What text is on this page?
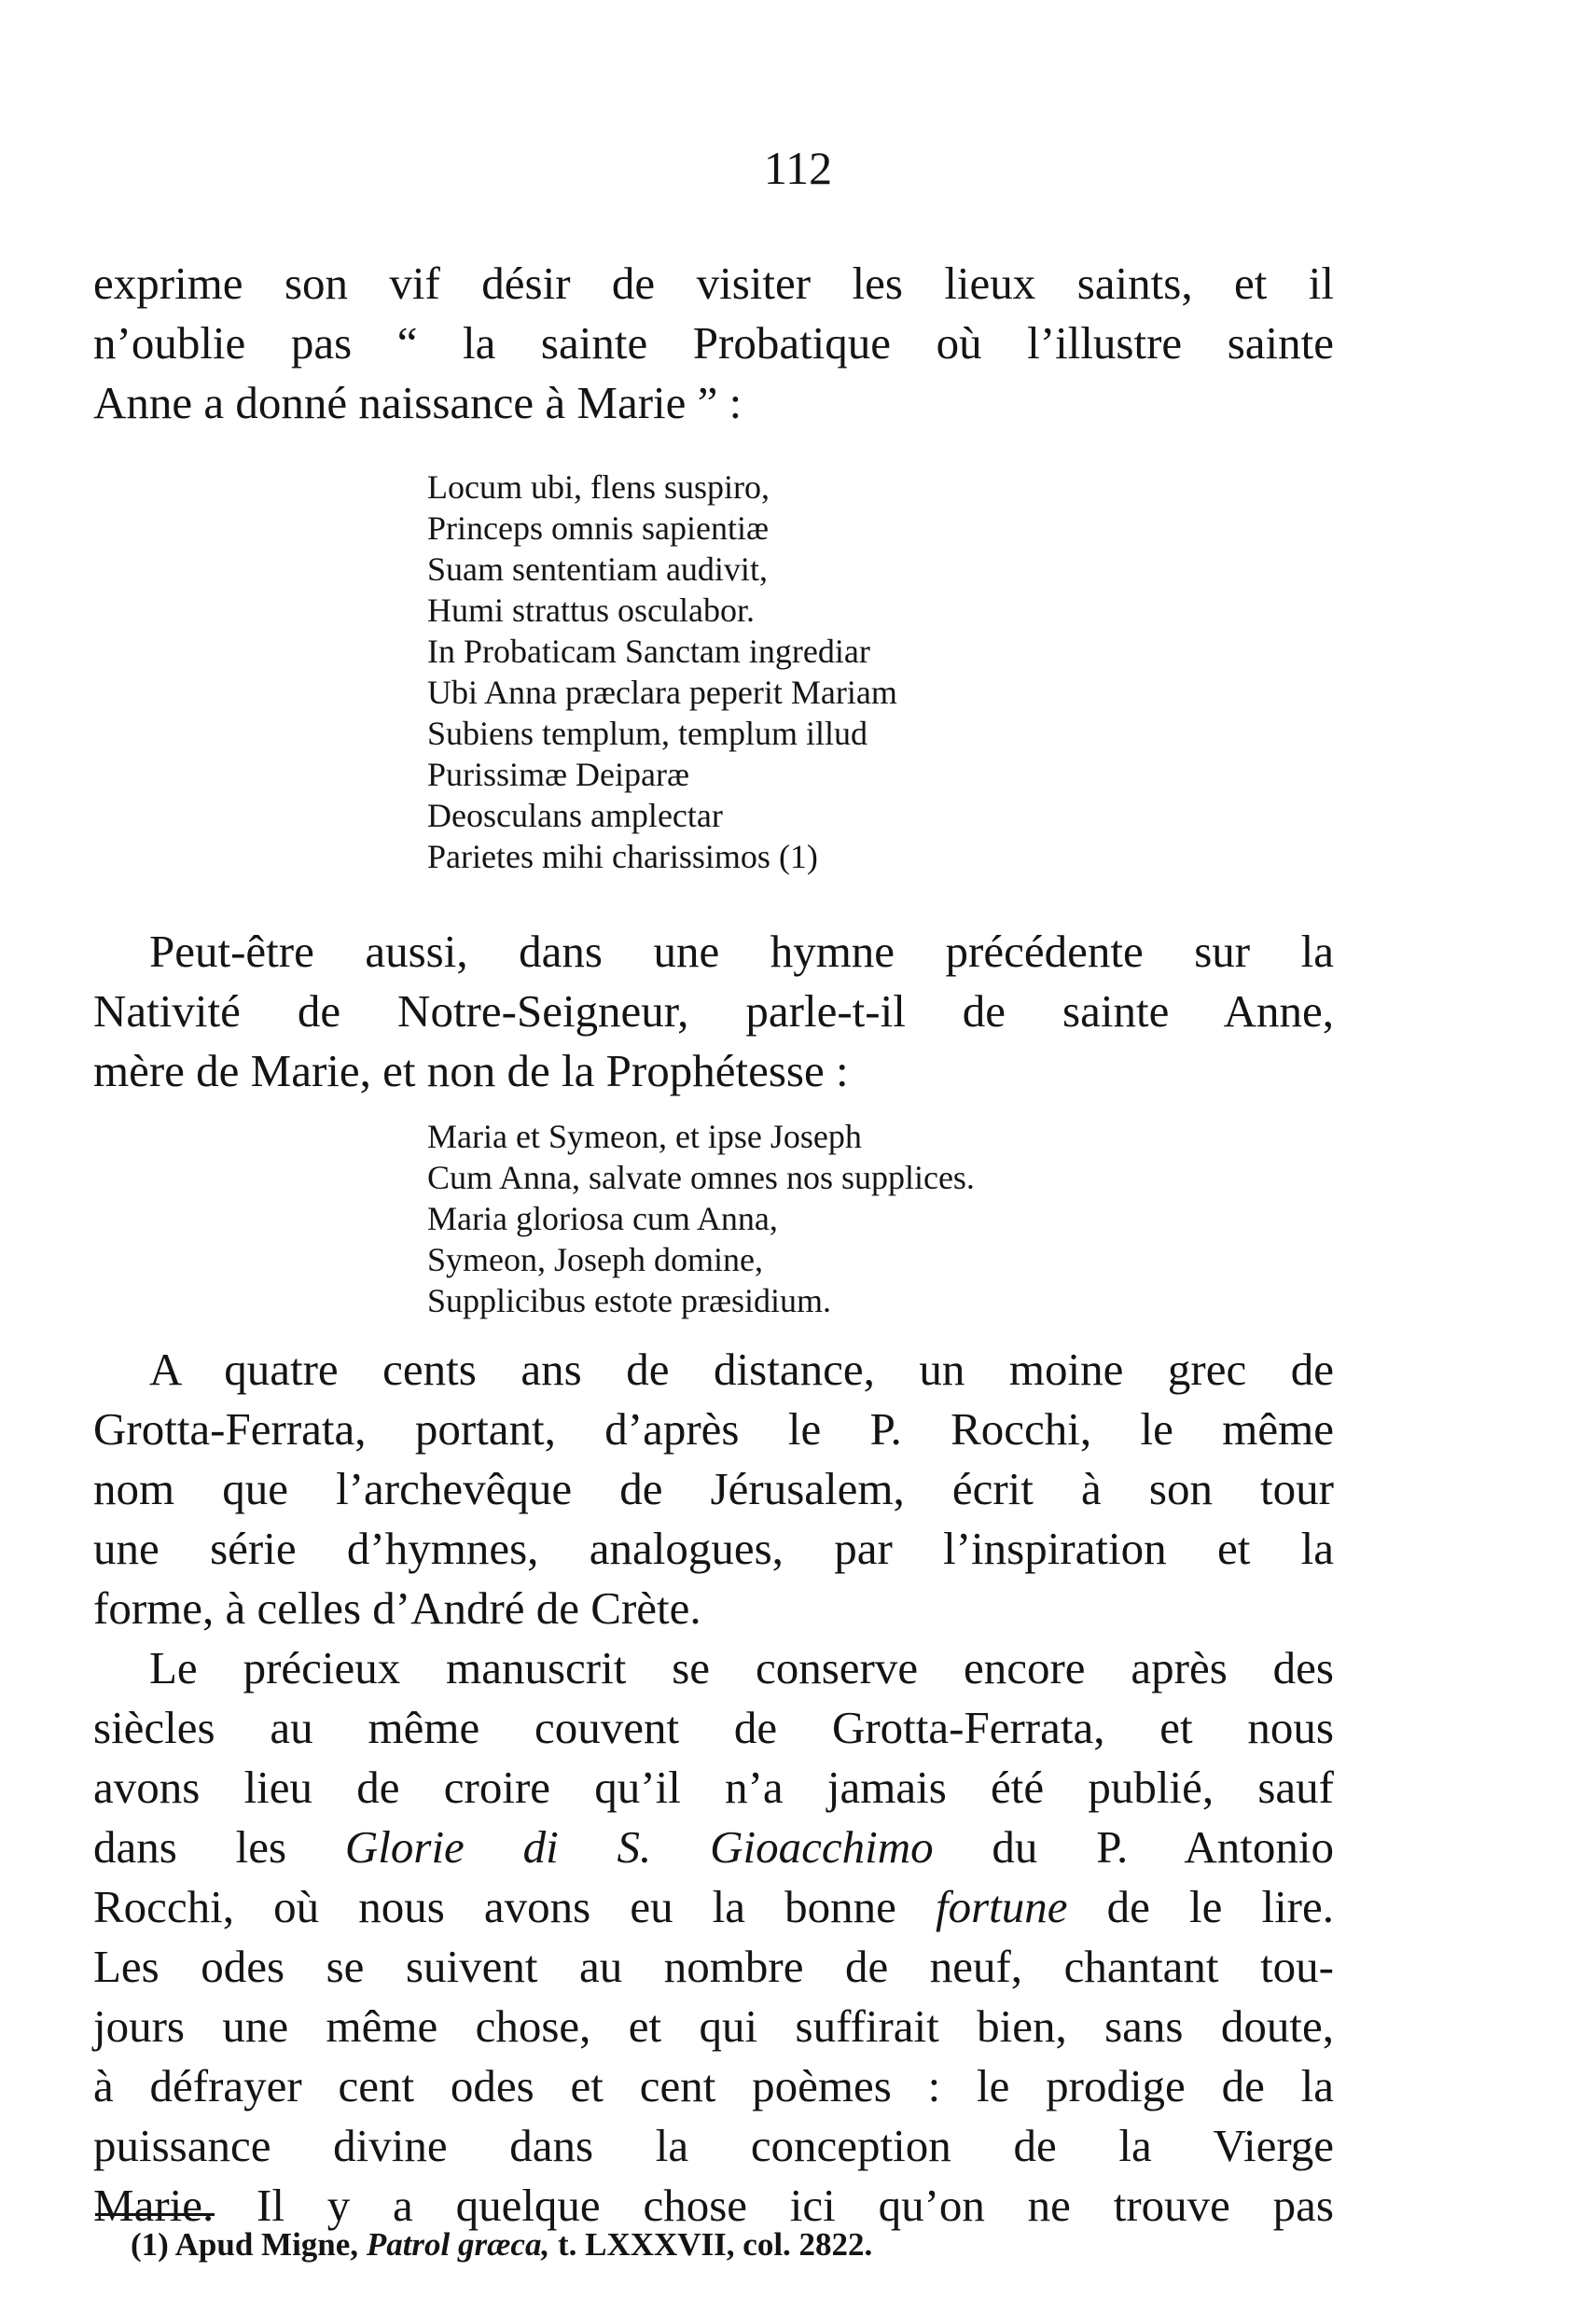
112
exprime son vif désir de visiter les lieux saints, et il
n’oublie pas “ la sainte Probatique où l’illustre sainte
Anne a donné naissance à Marie ” :
Locum ubi, flens suspiro,
Princeps omnis sapientiæ
Suam sententiam audivit,
Humi strattus osculabor.
In Probaticam Sanctam ingrediar
Ubi Anna præclara peperit Mariam
Subiens templum, templum illud
Purissimæ Deiparæ
Deosculans amplectar
Parietes mihi charissimos (1)
Peut-être aussi, dans une hymne précédente sur la
Nativité de Notre-Seigneur, parle-t-il de sainte Anne,
mère de Marie, et non de la Prophétesse :
Maria et Symeon, et ipse Joseph
Cum Anna, salvate omnes nos supplices.
Maria gloriosa cum Anna,
Symeon, Joseph domine,
Supplicibus estote præsidium.
A quatre cents ans de distance, un moine grec de
Grotta-Ferrata, portant, d’après le P. Rocchi, le même
nom que l’archevêque de Jérusalem, écrit à son tour
une série d’hymnes, analogues, par l’inspiration et la
forme, à celles d’André de Crète.
Le précieux manuscrit se conserve encore après des
siècles au même couvent de Grotta-Ferrata, et nous
avons lieu de croire qu’il n’a jamais été publié, sauf
dans les Glorie di S. Gioacchimo du P. Antonio
Rocchi, où nous avons eu la bonne fortune de le lire.
Les odes se suivent au nombre de neuf, chantant tou-
jours une même chose, et qui suffirait bien, sans doute,
à défrayer cent odes et cent poèmes : le prodige de la
puissance divine dans la conception de la Vierge
Marie. Il y a quelque chose ici qu’on ne trouve pas
(1) Apud Migne, Patrol græca, t. LXXXVII, col. 2822.
